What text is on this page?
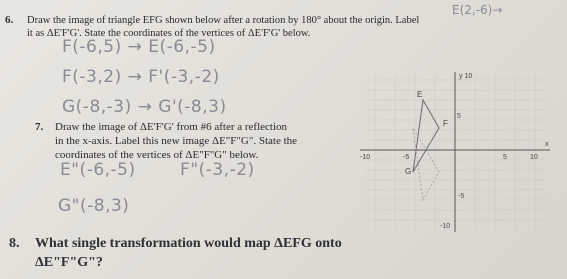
E(2,-6)→
6. Draw the image of triangle EFG shown below after a rotation by 180° about the origin. Label
it as ΔE'F'G'. State the coordinates of the vertices of ΔE'F'G' below.
F(-6,5) → E(-6,-5)
F(-3,2) → F'(-3,-2)
G(-8,-3) → G'(-8,3)
7. Draw the image of ΔE'F'G' from #6 after a reflection
in the x-axis. Label this new image ΔE"F"G". State the
coordinates of the vertices of ΔE"F"G" below.
E"(-6,-5)	F"(-3,-2)
G"(-8,3)
8. What single transformation would map ΔEFG onto
ΔE"F"G"?
y 10
E
F
G
5
-10	-5	5	10
x
-5
-10
